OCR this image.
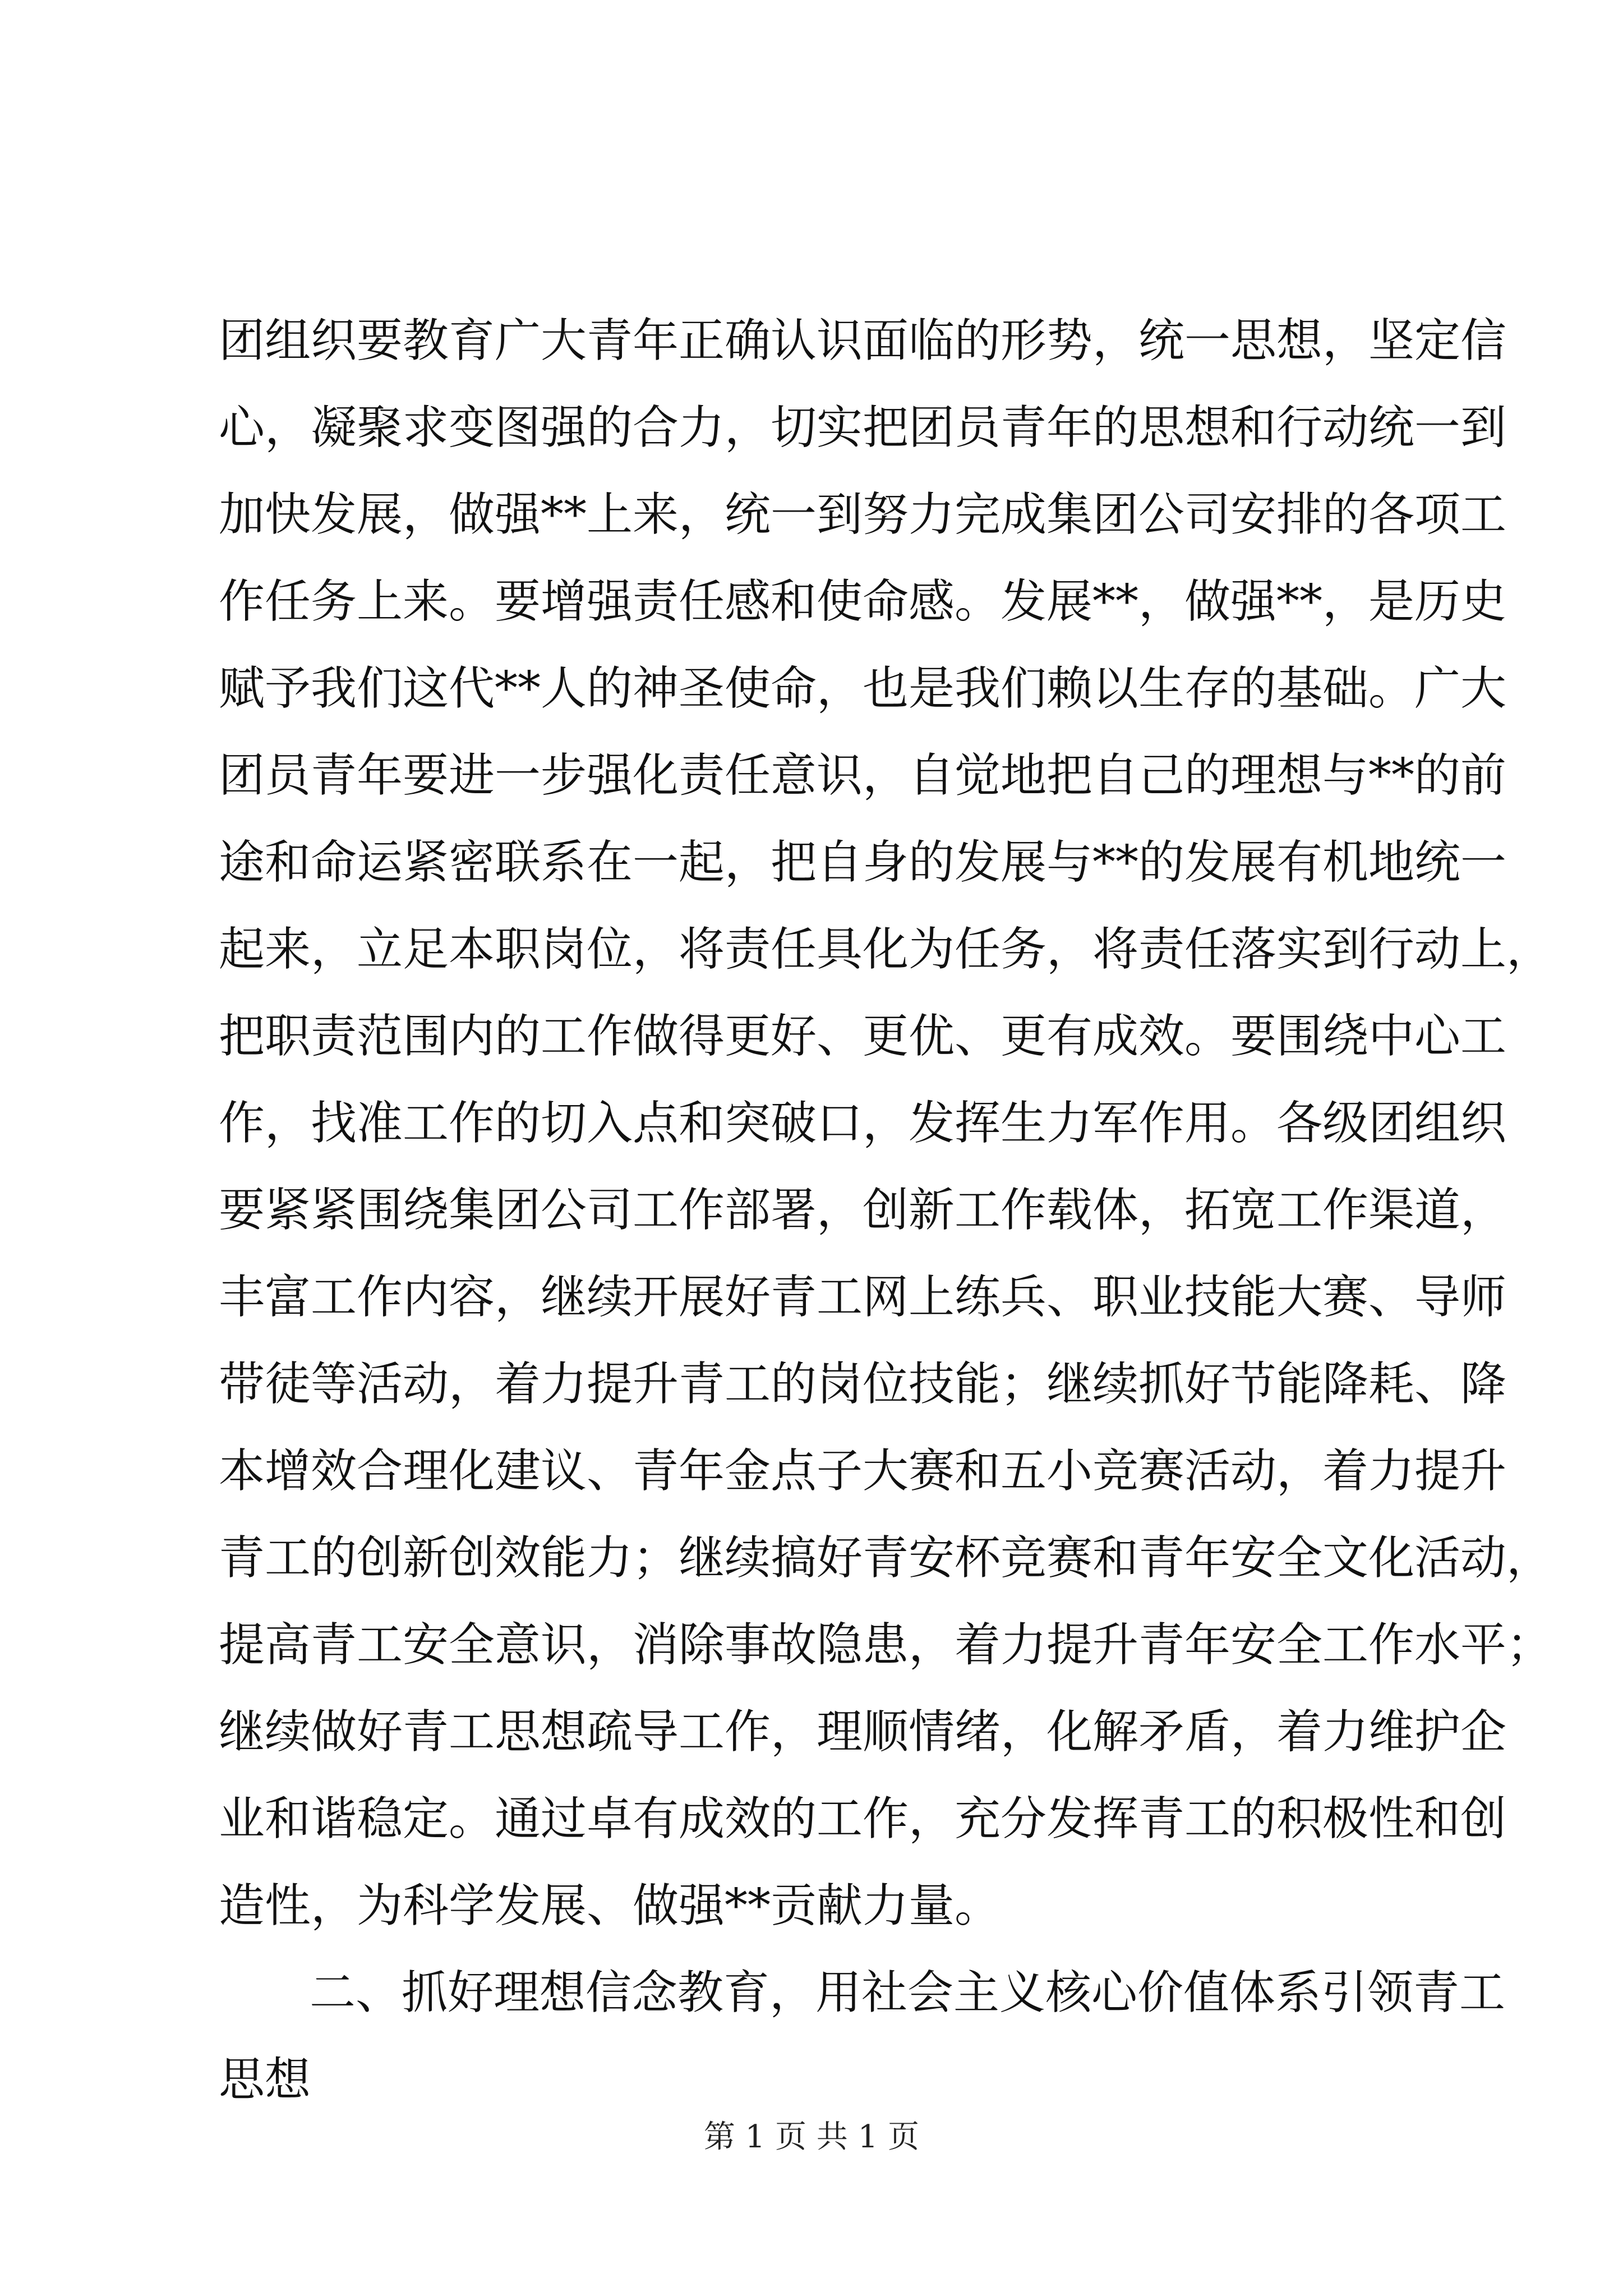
团组织要教育广大青年正确认识面临的形势，统一思想，坚定信
心，凝聚求变图强的合力，切实把团员青年的思想和行动统一到
加快发展，做强**上来，统一到努力完成集团公司安排的各项工
作任务上来。要增强责任感和使命感。发展**，做强**，是历史
赋予我们这代**人的神圣使命，也是我们赖以生存的基础。广大
团员青年要进一步强化责任意识，自觉地把自己的理想与**的前
途和命运紧密联系在一起，把自身的发展与**的发展有机地统一
起来，立足本职岗位，将责任具化为任务，将责任落实到行动上，
把职责范围内的工作做得更好、更优、更有成效。要围绕中心工
作，找准工作的切入点和突破口，发挥生力军作用。各级团组织
要紧紧围绕集团公司工作部署，创新工作载体，拓宽工作渠道，
丰富工作内容，继续开展好青工网上练兵、职业技能大赛、导师
带徒等活动，着力提升青工的岗位技能；继续抓好节能降耗、降
本增效合理化建议、青年金点子大赛和五小竞赛活动，着力提升
青工的创新创效能力；继续搞好青安杯竞赛和青年安全文化活动，
提高青工安全意识，消除事故隐患，着力提升青年安全工作水平；
继续做好青工思想疏导工作，理顺情绪，化解矛盾，着力维护企
业和谐稳定。通过卓有成效的工作，充分发挥青工的积极性和创
造性，为科学发展、做强**贡献力量。
二、抓好理想信念教育，用社会主义核心价值体系引领青工
思想
第 1 页 共 1 页
